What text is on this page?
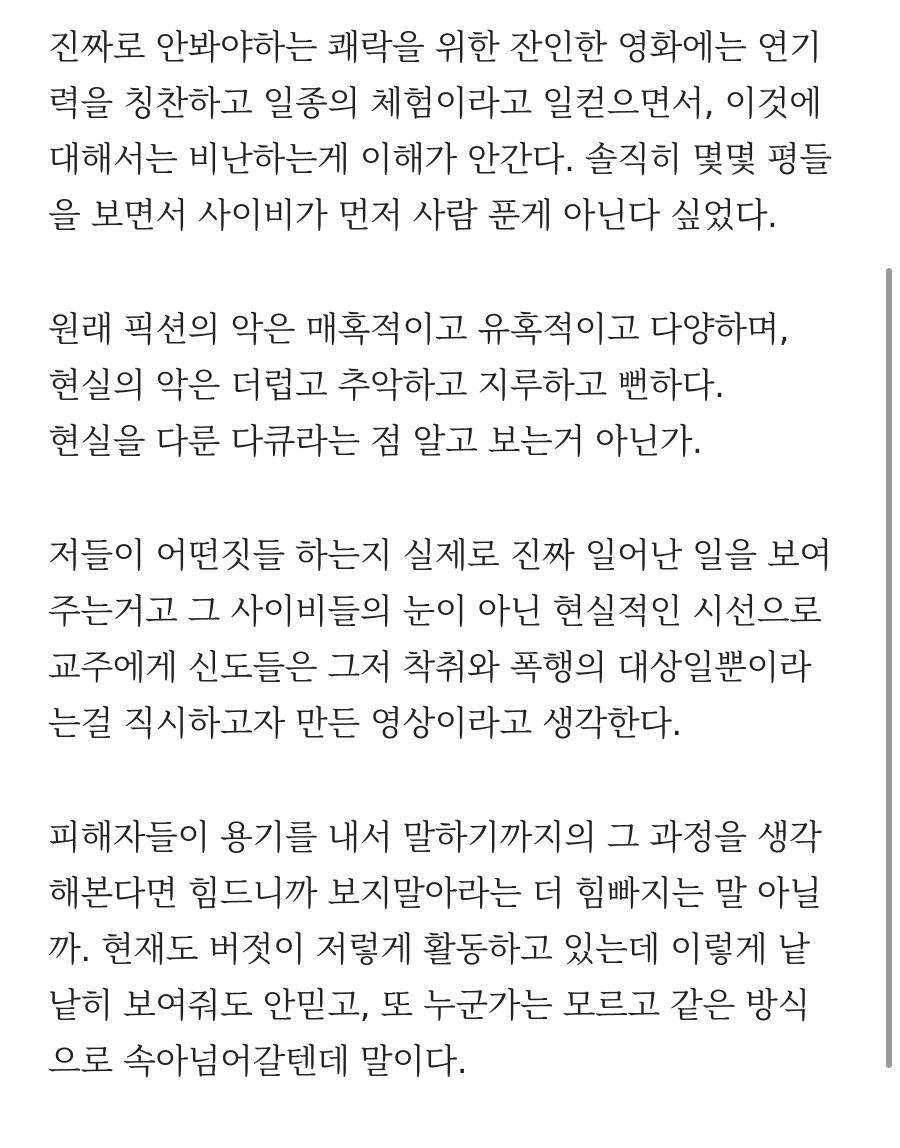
진짜로 안봐야하는 쾌락을 위한 잔인한 영화에는 연기
력을 칭찬하고 일종의 체험이라고 일컫으면서, 이것에
대해서는 비난하는게 이해가 안간다. 솔직히 몇몇 평들
을 보면서 사이비가 먼저 사람 푼게 아닌다 싶었다.
원래 픽션의 악은 매혹적이고 유혹적이고 다양하며,
현실의 악은 더럽고 추악하고 지루하고 뻔하다.
현실을 다룬 다큐라는 점 알고 보는거 아닌가.
저들이 어떤짓들 하는지 실제로 진짜 일어난 일을 보여
주는거고 그 사이비들의 눈이 아닌 현실적인 시선으로
교주에게 신도들은 그저 착취와 폭행의 대상일뿐이라
는걸 직시하고자 만든 영상이라고 생각한다.
피해자들이 용기를 내서 말하기까지의 그 과정을 생각
해본다면 힘드니까 보지말아라는 더 힘빠지는 말 아닐
까. 현재도 버젓이 저렇게 활동하고 있는데 이렇게 낱
낱히 보여줘도 안믿고, 또 누군가는 모르고 같은 방식
으로 속아넘어갈텐데 말이다.
